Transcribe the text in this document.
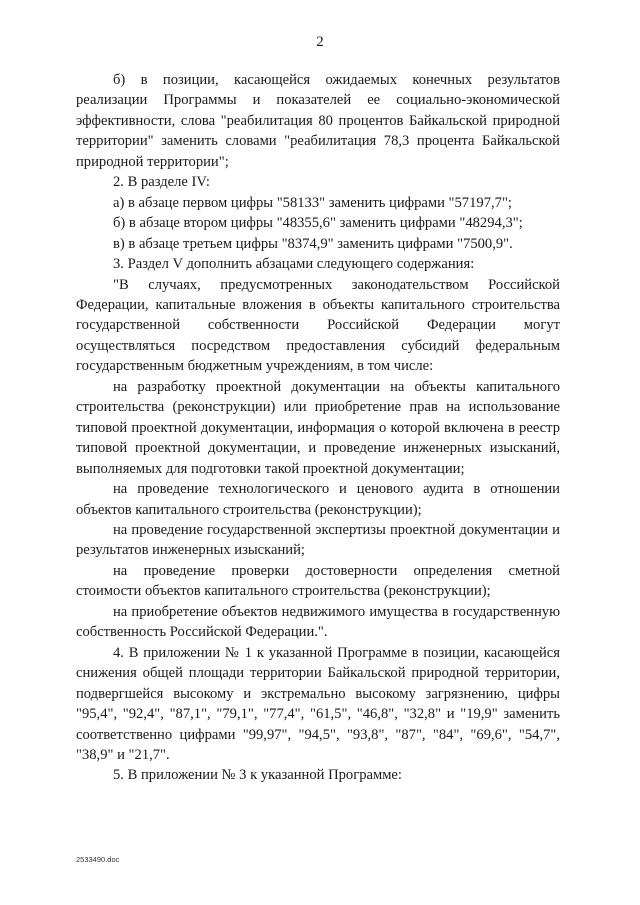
2

б) в позиции, касающейся ожидаемых конечных результатов реализации Программы и показателей ее социально-экономической эффективности, слова "реабилитация 80 процентов Байкальской природной территории" заменить словами "реабилитация 78,3 процента Байкальской природной территории";

2. В разделе IV:

а) в абзаце первом цифры "58133" заменить цифрами "57197,7";

б) в абзаце втором цифры "48355,6" заменить цифрами "48294,3";

в) в абзаце третьем цифры "8374,9" заменить цифрами "7500,9".

3. Раздел V дополнить абзацами следующего содержания:

"В случаях, предусмотренных законодательством Российской Федерации, капитальные вложения в объекты капитального строительства государственной собственности Российской Федерации могут осуществляться посредством предоставления субсидий федеральным государственным бюджетным учреждениям, в том числе:

на разработку проектной документации на объекты капитального строительства (реконструкции) или приобретение прав на использование типовой проектной документации, информация о которой включена в реестр типовой проектной документации, и проведение инженерных изысканий, выполняемых для подготовки такой проектной документации;

на проведение технологического и ценового аудита в отношении объектов капитального строительства (реконструкции);

на проведение государственной экспертизы проектной документации и результатов инженерных изысканий;

на проведение проверки достоверности определения сметной стоимости объектов капитального строительства (реконструкции);

на приобретение объектов недвижимого имущества в государственную собственность Российской Федерации.".

4. В приложении № 1 к указанной Программе в позиции, касающейся снижения общей площади территории Байкальской природной территории, подвергшейся высокому и экстремально высокому загрязнению, цифры "95,4", "92,4", "87,1", "79,1", "77,4", "61,5", "46,8", "32,8" и "19,9" заменить соответственно цифрами "99,97", "94,5", "93,8", "87", "84", "69,6", "54,7", "38,9" и "21,7".

5. В приложении № 3 к указанной Программе:

2533490.doc
